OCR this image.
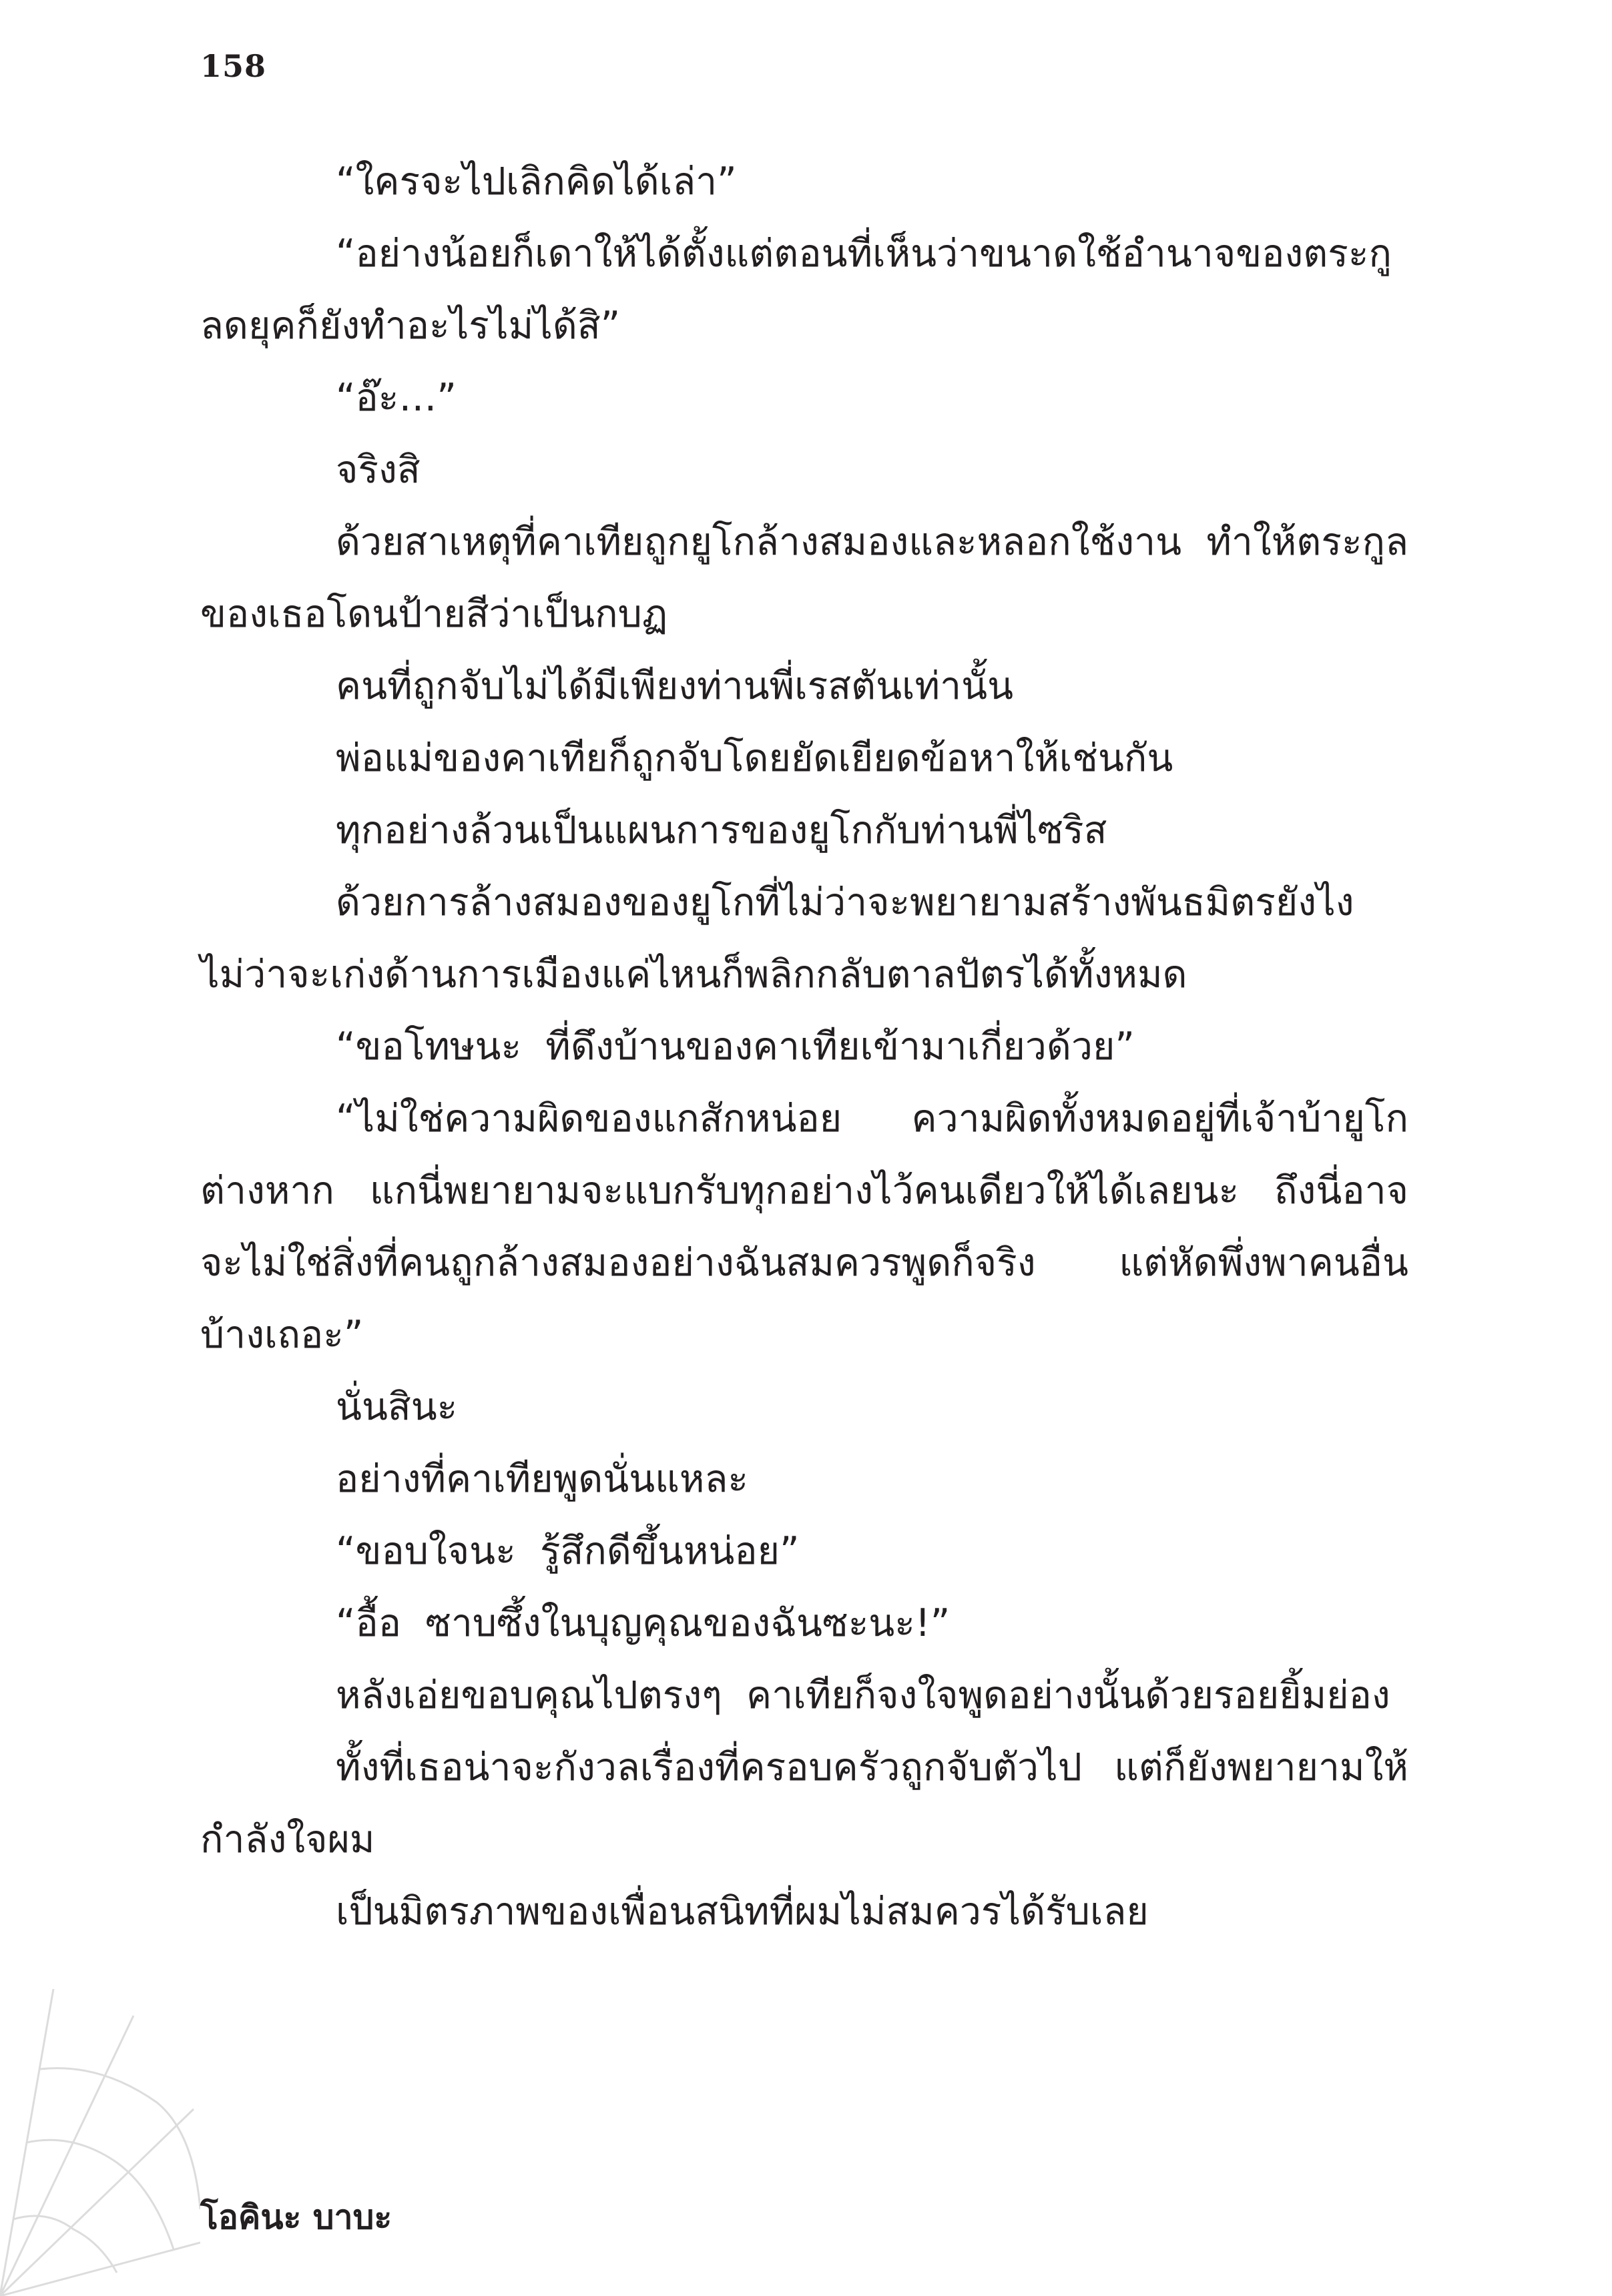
158

“ใครจะไปเลิกคิดได้เล่า”

“อย่างน้อยก็เดาให้ได้ตั้งแต่ตอนที่เห็นว่าขนาดใช้อำนาจของตระกูลดยุคก็ยังทำอะไรไม่ได้สิ”

“อ๊ะ…”

จริงสิ

ด้วยสาเหตุที่คาเทียถูกยูโกล้างสมองและหลอกใช้งาน  ทำให้ตระกูลของเธอโดนป้ายสีว่าเป็นกบฏ

คนที่ถูกจับไม่ได้มีเพียงท่านพี่เรสตันเท่านั้น

พ่อแม่ของคาเทียก็ถูกจับโดยยัดเยียดข้อหาให้เช่นกัน

ทุกอย่างล้วนเป็นแผนการของยูโกกับท่านพี่ไซริส

ด้วยการล้างสมองของยูโกที่ไม่ว่าจะพยายามสร้างพันธมิตรยังไง  ไม่ว่าจะเก่งด้านการเมืองแค่ไหนก็พลิกกลับตาลปัตรได้ทั้งหมด

“ขอโทษนะ  ที่ดึงบ้านของคาเทียเข้ามาเกี่ยวด้วย”

“ไม่ใช่ความผิดของแกสักหน่อย  ความผิดทั้งหมดอยู่ที่เจ้าบ้ายูโกต่างหาก  แกนี่พยายามจะแบกรับทุกอย่างไว้คนเดียวให้ได้เลยนะ  ถึงนี่อาจจะไม่ใช่สิ่งที่คนถูกล้างสมองอย่างฉันสมควรพูดก็จริง  แต่หัดพึ่งพาคนอื่นบ้างเถอะ”

นั่นสินะ

อย่างที่คาเทียพูดนั่นแหละ

“ขอบใจนะ  รู้สึกดีขึ้นหน่อย”

“อื้อ  ซาบซึ้งในบุญคุณของฉันซะนะ!”

หลังเอ่ยขอบคุณไปตรงๆ  คาเทียก็จงใจพูดอย่างนั้นด้วยรอยยิ้มย่อง

ทั้งที่เธอน่าจะกังวลเรื่องที่ครอบครัวถูกจับตัวไป  แต่ก็ยังพยายามให้กำลังใจผม

เป็นมิตรภาพของเพื่อนสนิทที่ผมไม่สมควรได้รับเลย

โอคินะ บาบะ
